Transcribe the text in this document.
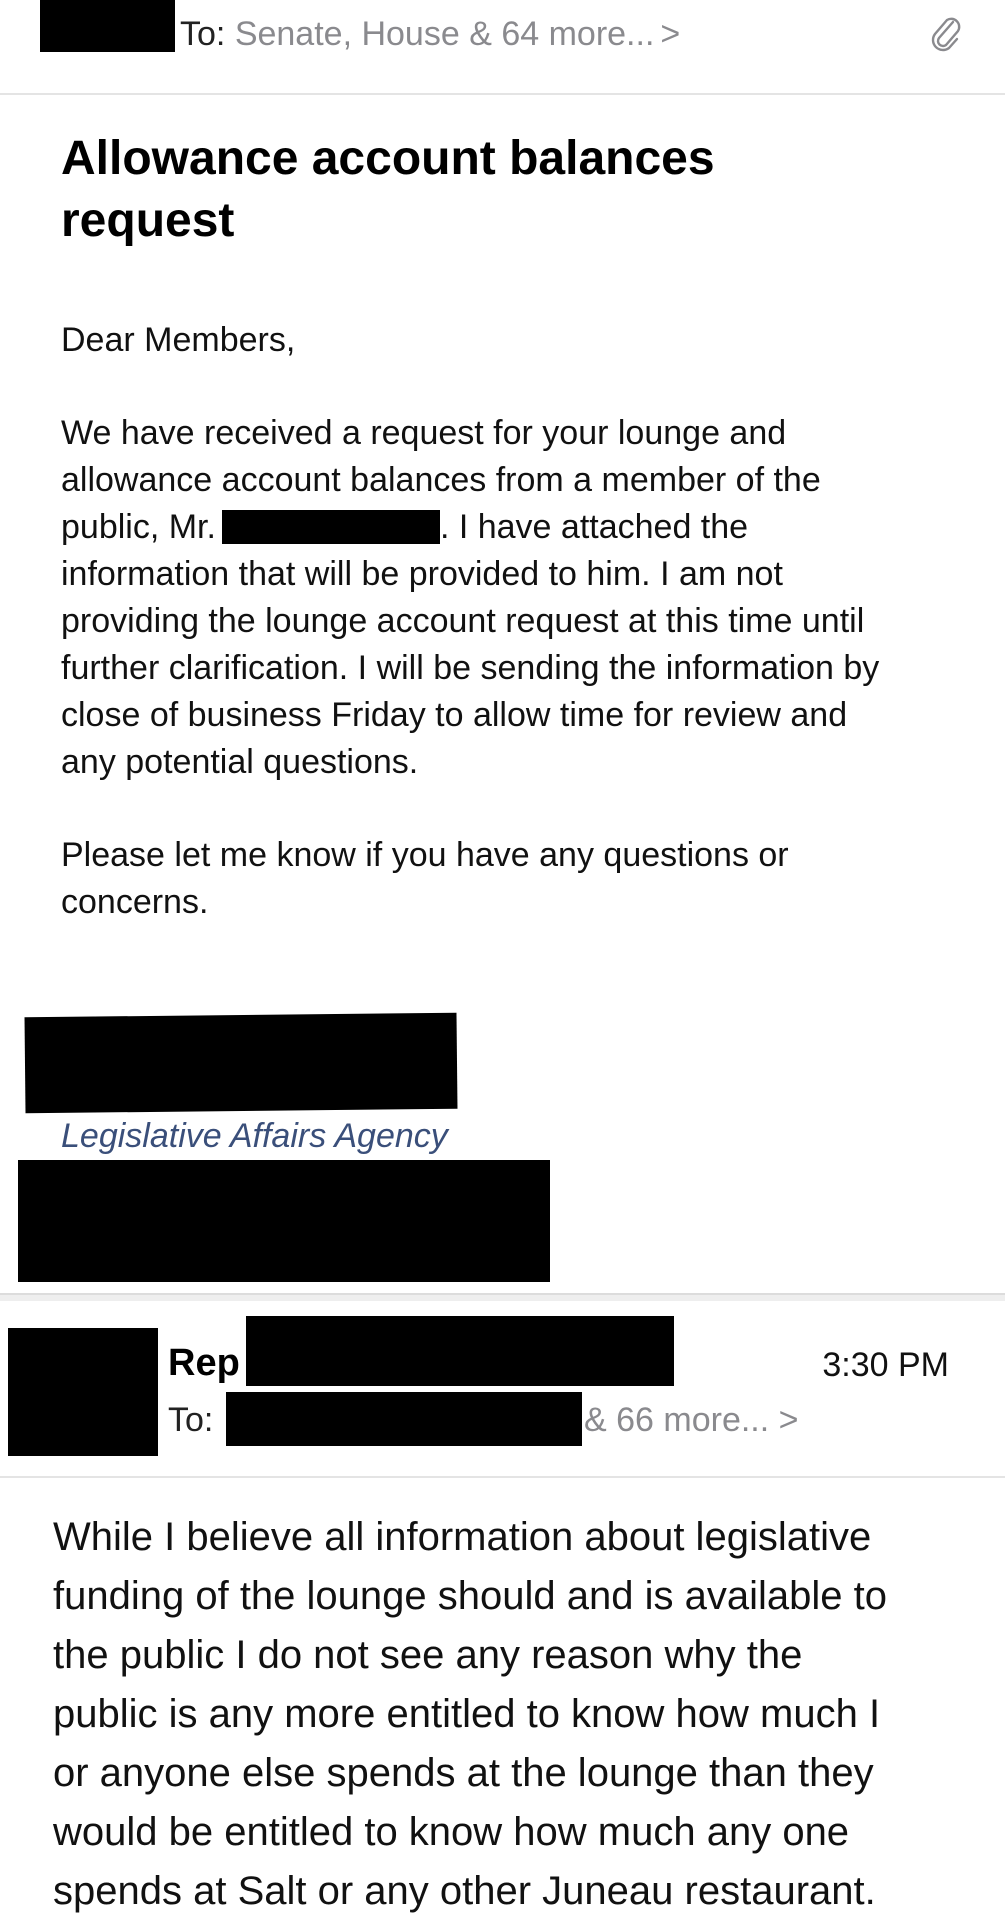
To: Senate, House & 64 more... >
Allowance account balances
request
Dear Members,
We have received a request for your lounge and
allowance account balances from a member of the
public, Mr.	. I have attached the
information that will be provided to him. I am not
providing the lounge account request at this time until
further clarification. I will be sending the information by
close of business Friday to allow time for review and
any potential questions.
Please let me know if you have any questions or
concerns.
Legislative Affairs Agency
Rep	3:30 PM
To:	& 66 more... >
While I believe all information about legislative
funding of the lounge should and is available to
the public I do not see any reason why the
public is any more entitled to know how much I
or anyone else spends at the lounge than they
would be entitled to know how much any one
spends at Salt or any other Juneau restaurant.
